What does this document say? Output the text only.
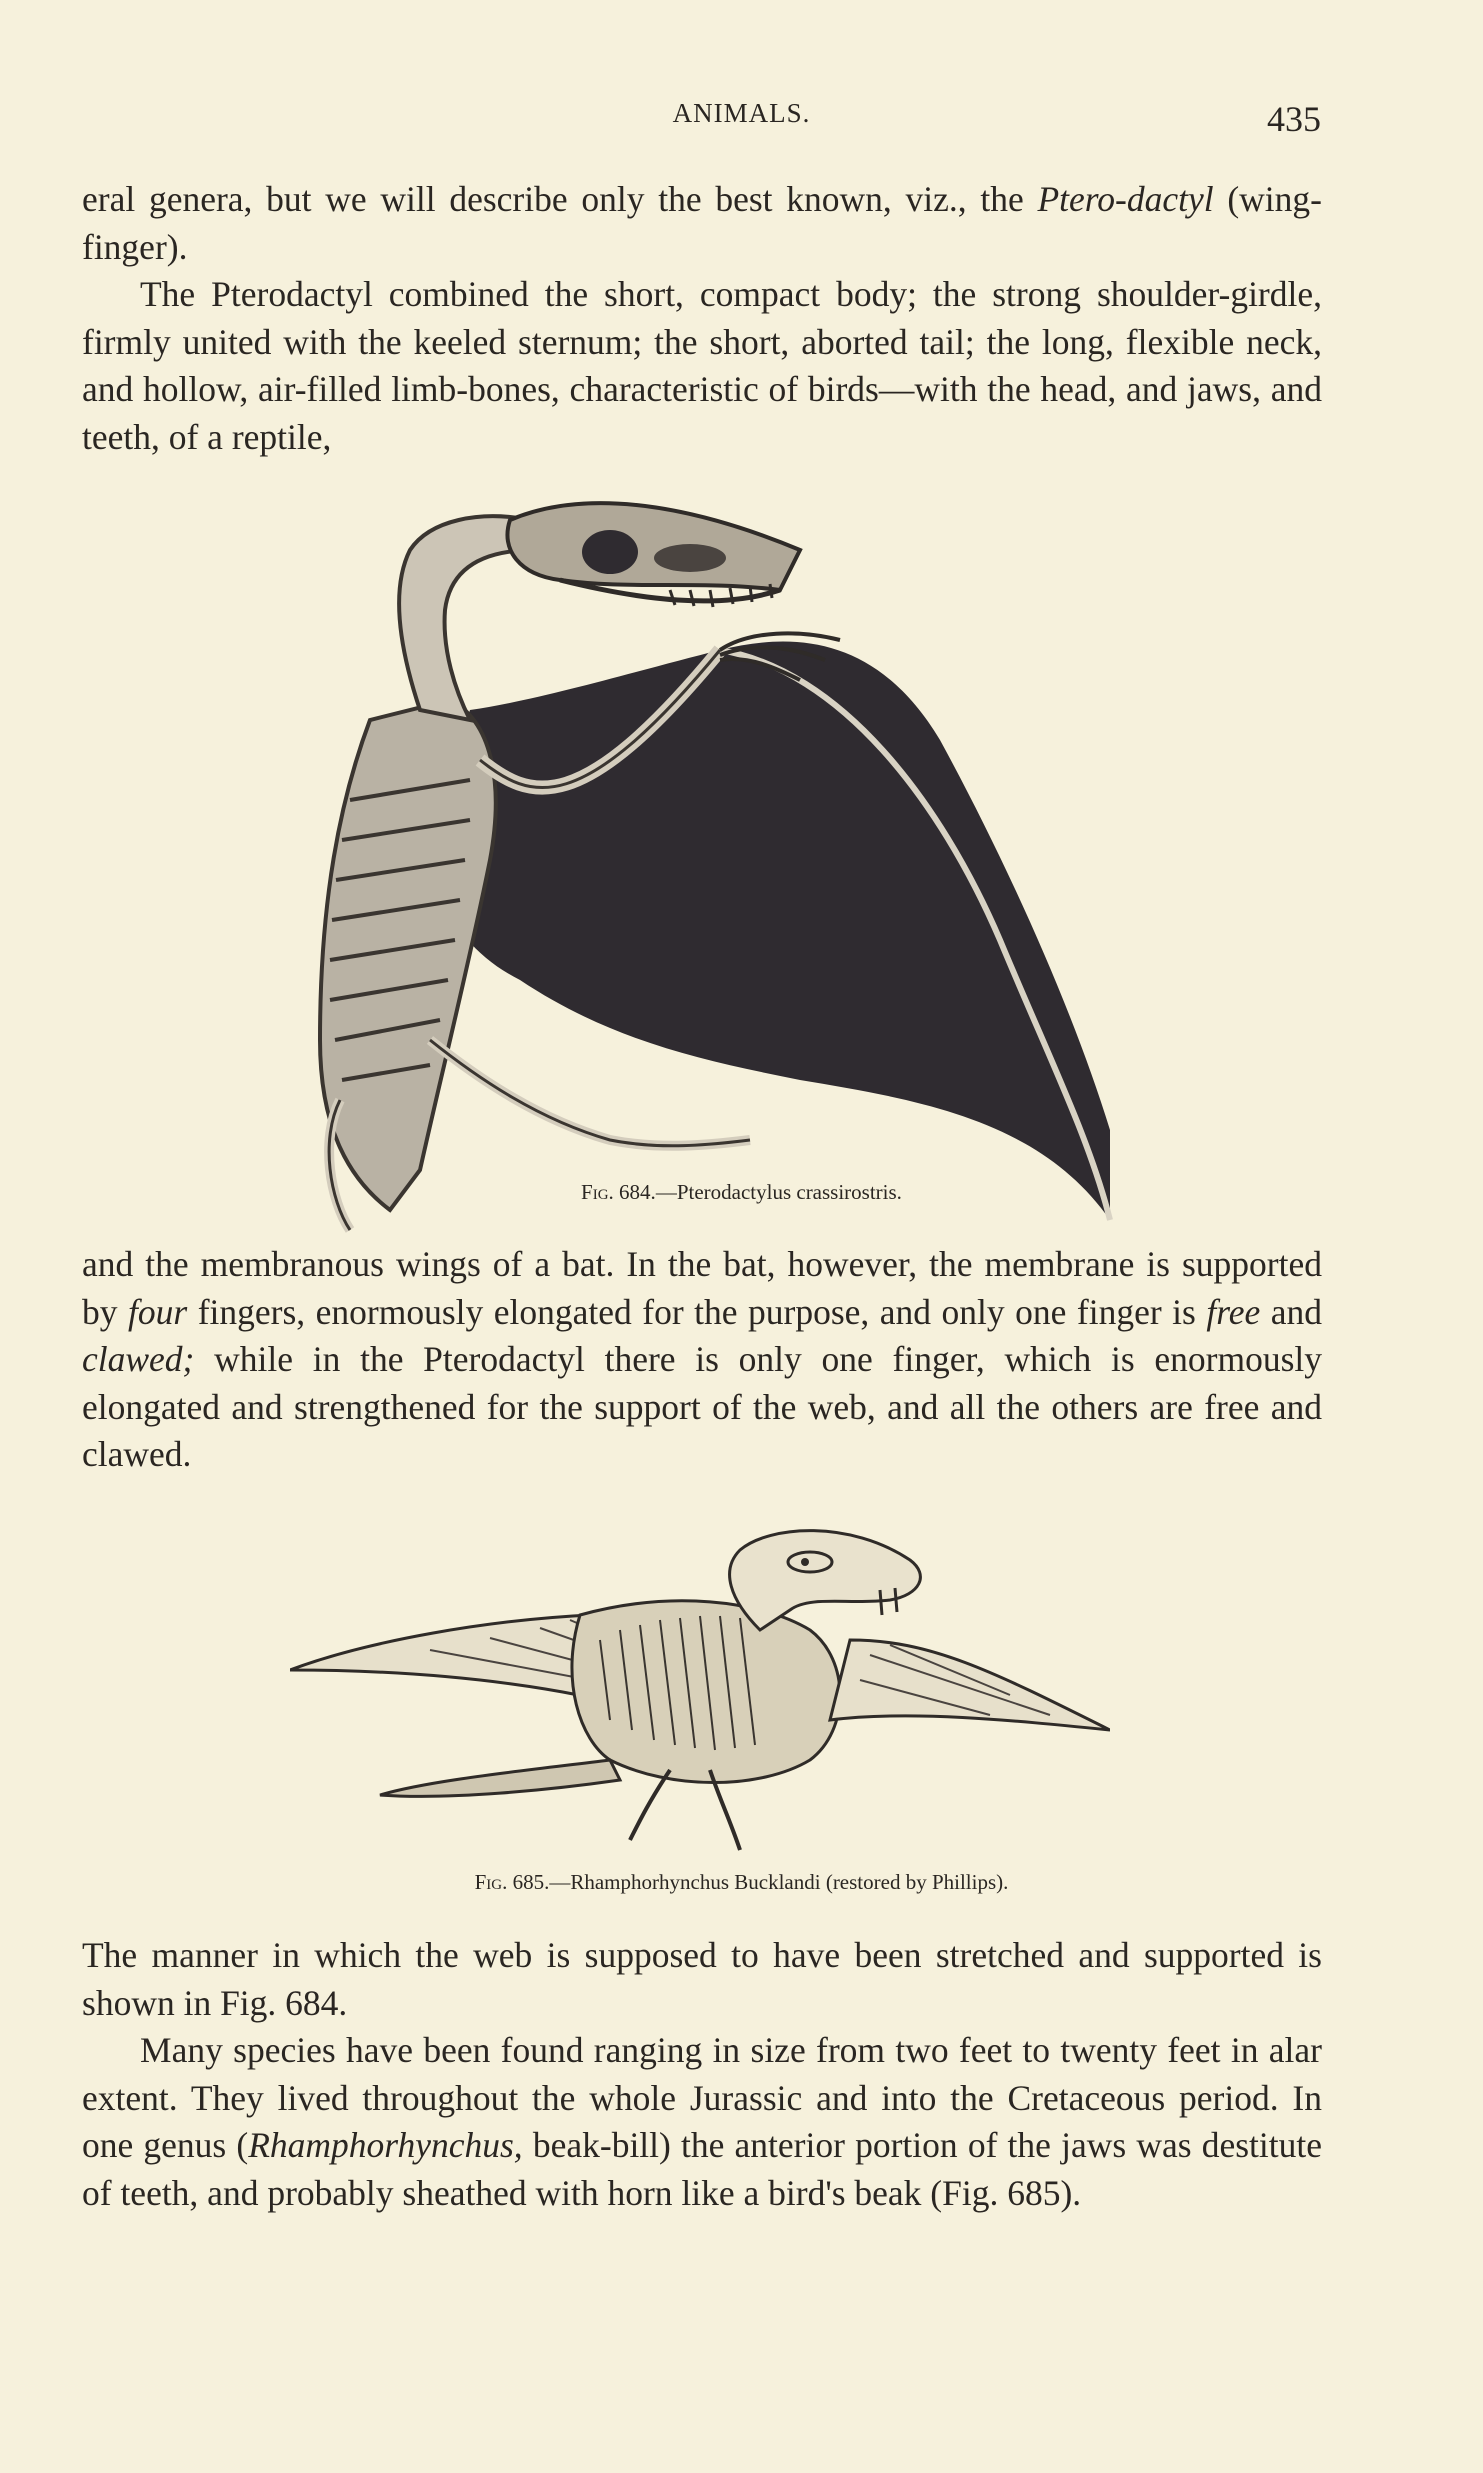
ANIMALS.	435

eral genera, but we will describe only the best known, viz., the Ptero-dactyl (wing-finger).

The Pterodactyl combined the short, compact body; the strong shoulder-girdle, firmly united with the keeled sternum; the short, aborted tail; the long, flexible neck, and hollow, air-filled limb-bones, characteristic of birds—with the head, and jaws, and teeth, of a reptile,

Fig. 684.—Pterodactylus crassirostris.

and the membranous wings of a bat. In the bat, however, the membrane is supported by four fingers, enormously elongated for the purpose, and only one finger is free and clawed; while in the Pterodactyl there is only one finger, which is enormously elongated and strengthened for the support of the web, and all the others are free and clawed.

Fig. 685.—Rhamphorhynchus Bucklandi (restored by Phillips).

The manner in which the web is supposed to have been stretched and supported is shown in Fig. 684.

Many species have been found ranging in size from two feet to twenty feet in alar extent. They lived throughout the whole Jurassic and into the Cretaceous period. In one genus (Rhamphorhynchus, beak-bill) the anterior portion of the jaws was destitute of teeth, and probably sheathed with horn like a bird's beak (Fig. 685).
